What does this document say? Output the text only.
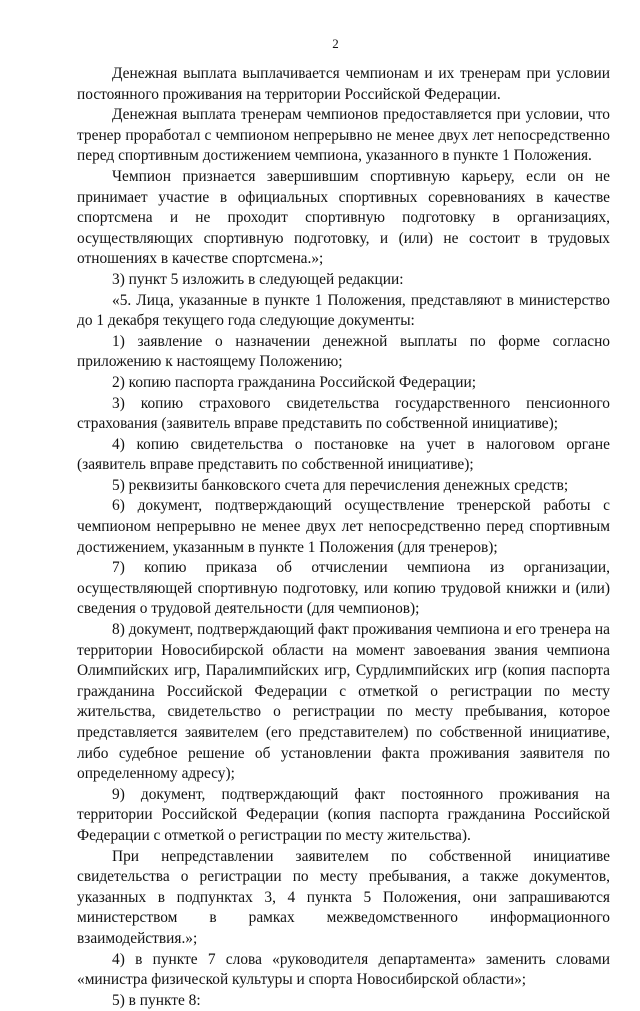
2

Денежная выплата выплачивается чемпионам и их тренерам при условии постоянного проживания на территории Российской Федерации.

Денежная выплата тренерам чемпионов предоставляется при условии, что тренер проработал с чемпионом непрерывно не менее двух лет непосредственно перед спортивным достижением чемпиона, указанного в пункте 1 Положения.

Чемпион признается завершившим спортивную карьеру, если он не принимает участие в официальных спортивных соревнованиях в качестве спортсмена и не проходит спортивную подготовку в организациях, осуществляющих спортивную подготовку, и (или) не состоит в трудовых отношениях в качестве спортсмена.»;

3) пункт 5 изложить в следующей редакции:

«5. Лица, указанные в пункте 1 Положения, представляют в министерство до 1 декабря текущего года следующие документы:

1) заявление о назначении денежной выплаты по форме согласно приложению к настоящему Положению;

2) копию паспорта гражданина Российской Федерации;

3) копию страхового свидетельства государственного пенсионного страхования (заявитель вправе представить по собственной инициативе);

4) копию свидетельства о постановке на учет в налоговом органе (заявитель вправе представить по собственной инициативе);

5) реквизиты банковского счета для перечисления денежных средств;

6) документ, подтверждающий осуществление тренерской работы с чемпионом непрерывно не менее двух лет непосредственно перед спортивным достижением, указанным в пункте 1 Положения (для тренеров);

7) копию приказа об отчислении чемпиона из организации, осуществляющей спортивную подготовку, или копию трудовой книжки и (или) сведения о трудовой деятельности (для чемпионов);

8) документ, подтверждающий факт проживания чемпиона и его тренера на территории Новосибирской области на момент завоевания звания чемпиона Олимпийских игр, Паралимпийских игр, Сурдлимпийских игр (копия паспорта гражданина Российской Федерации с отметкой о регистрации по месту жительства, свидетельство о регистрации по месту пребывания, которое представляется заявителем (его представителем) по собственной инициативе, либо судебное решение об установлении факта проживания заявителя по определенному адресу);

9) документ, подтверждающий факт постоянного проживания на территории Российской Федерации (копия паспорта гражданина Российской Федерации с отметкой о регистрации по месту жительства).

При непредставлении заявителем по собственной инициативе свидетельства о регистрации по месту пребывания, а также документов, указанных в подпунктах 3, 4 пункта 5 Положения, они запрашиваются министерством в рамках межведомственного информационного взаимодействия.»;

4) в пункте 7 слова «руководителя департамента» заменить словами «министра физической культуры и спорта Новосибирской области»;

5) в пункте 8:
